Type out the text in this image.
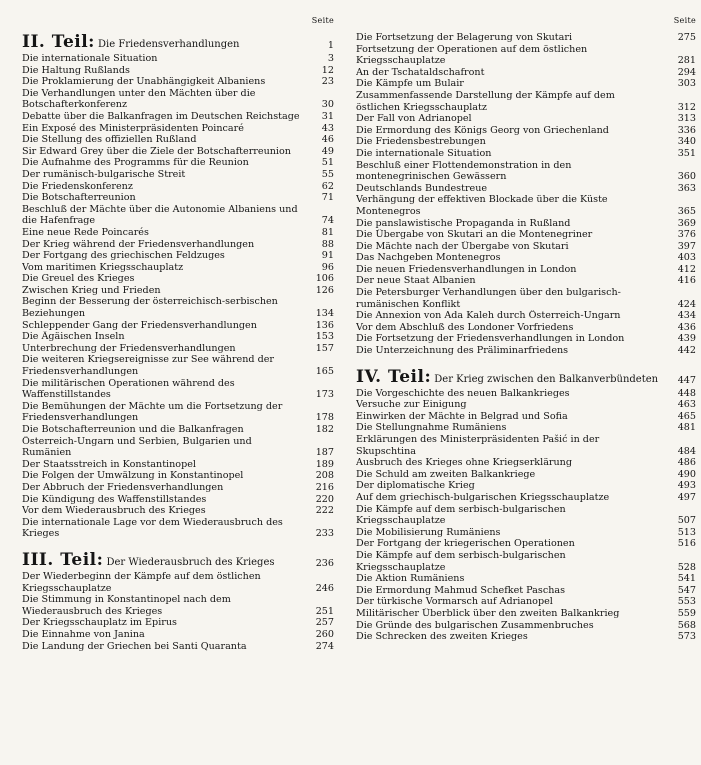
Seite
II. Teil: Die Friedensverhandlungen	1
Die internationale Situation	3
Die Haltung Rußlands	12
Die Proklamierung der Unabhängigkeit Albaniens	23
Die Verhandlungen unter den Mächten über die Botschafterkonferenz	30
Debatte über die Balkanfragen im Deutschen Reichstage	31
Ein Exposé des Ministerpräsidenten Poincaré	43
Die Stellung des offiziellen Rußland	46
Sir Edward Grey über die Ziele der Botschafterreunion	49
Die Aufnahme des Programms für die Reunion	51
Der rumänisch-bulgarische Streit	55
Die Friedenskonferenz	62
Die Botschafterreunion	71
Beschluß der Mächte über die Autonomie Albaniens und die Hafenfrage	74
Eine neue Rede Poincarés	81
Der Krieg während der Friedensverhandlungen	88
Der Fortgang des griechischen Feldzuges	91
Vom maritimen Kriegsschauplatz	96
Die Greuel des Krieges	106
Zwischen Krieg und Frieden	126
Beginn der Besserung der österreichisch-serbischen Beziehungen	134
Schleppender Gang der Friedensverhandlungen	136
Die Ägäischen Inseln	153
Unterbrechung der Friedensverhandlungen	157
Die weiteren Kriegsereignisse zur See während der Friedensverhandlungen	165
Die militärischen Operationen während des Waffenstillstandes	173
Die Bemühungen der Mächte um die Fortsetzung der Friedensverhandlungen	178
Die Botschafterreunion und die Balkanfragen	182
Österreich-Ungarn und Serbien, Bulgarien und Rumänien	187
Der Staatsstreich in Konstantinopel	189
Die Folgen der Umwälzung in Konstantinopel	208
Der Abbruch der Friedensverhandlungen	216
Die Kündigung des Waffenstillstandes	220
Vor dem Wiederausbruch des Krieges	222
Die internationale Lage vor dem Wiederausbruch des Krieges	233
III. Teil: Der Wiederausbruch des Krieges	236
Der Wiederbeginn der Kämpfe auf dem östlichen Kriegsschauplatze	246
Die Stimmung in Konstantinopel nach dem Wiederausbruch des Krieges	251
Der Kriegsschauplatz im Epirus	257
Die Einnahme von Janina	260
Die Landung der Griechen bei Santi Quaranta	274
Seite
Die Fortsetzung der Belagerung von Skutari	275
Fortsetzung der Operationen auf dem östlichen Kriegsschauplatze	281
An der Tschataldschafront	294
Die Kämpfe um Bulair	303
Zusammenfassende Darstellung der Kämpfe auf dem östlichen Kriegsschauplatz	312
Der Fall von Adrianopel	313
Die Ermordung des Königs Georg von Griechenland	336
Die Friedensbestrebungen	340
Die internationale Situation	351
Beschluß einer Flottendemonstration in den montenegrinischen Gewässern	360
Deutschlands Bundestreue	363
Verhängung der effektiven Blockade über die Küste Montenegros	365
Die panslawistische Propaganda in Rußland	369
Die Übergabe von Skutari an die Montenegriner	376
Die Mächte nach der Übergabe von Skutari	397
Das Nachgeben Montenegros	403
Die neuen Friedensverhandlungen in London	412
Der neue Staat Albanien	416
Die Petersburger Verhandlungen über den bulgarisch-rumänischen Konflikt	424
Die Annexion von Ada Kaleh durch Österreich-Ungarn	434
Vor dem Abschluß des Londoner Vorfriedens	436
Die Fortsetzung der Friedensverhandlungen in London	439
Die Unterzeichnung des Präliminarfriedens	442
IV. Teil: Der Krieg zwischen den Balkanverbündeten 447
Die Vorgeschichte des neuen Balkankrieges	448
Versuche zur Einigung	463
Einwirken der Mächte in Belgrad und Sofia	465
Die Stellungnahme Rumäniens	481
Erklärungen des Ministerpräsidenten Pašić in der Skupschtina	484
Ausbruch des Krieges ohne Kriegserklärung	486
Die Schuld am zweiten Balkankriege	490
Der diplomatische Krieg	493
Auf dem griechisch-bulgarischen Kriegsschauplatze	497
Die Kämpfe auf dem serbisch-bulgarischen Kriegsschauplatze	507
Die Mobilisierung Rumäniens	513
Der Fortgang der kriegerischen Operationen	516
Die Kämpfe auf dem serbisch-bulgarischen Kriegsschauplatze	528
Die Aktion Rumäniens	541
Die Ermordung Mahmud Schefket Paschas	547
Der türkische Vormarsch auf Adrianopel	553
Militärischer Überblick über den zweiten Balkankrieg	559
Die Gründe des bulgarischen Zusammenbruches	568
Die Schrecken des zweiten Krieges	573
